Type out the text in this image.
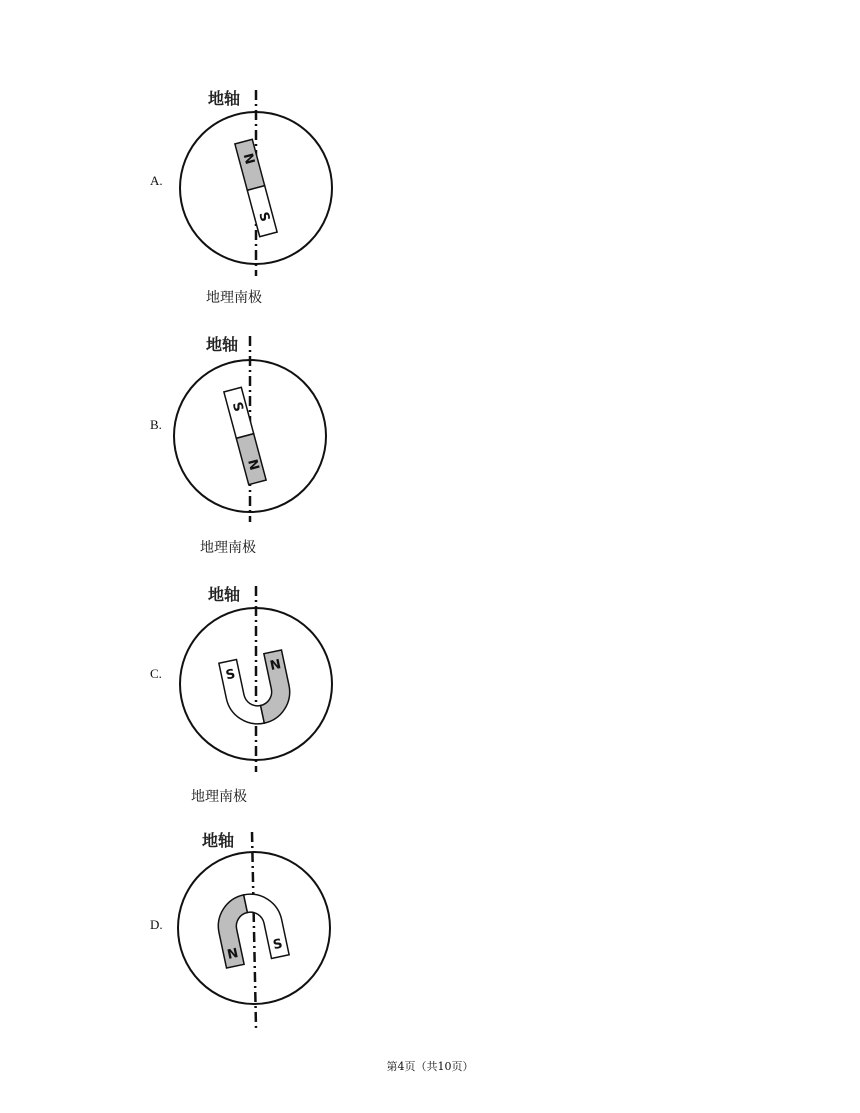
A.
地轴
N
S
地理南极
B.
地轴
S
N
地理南极
C.
地轴
S
N
地理南极
D.
地轴
N
S
第4页（共10页）
